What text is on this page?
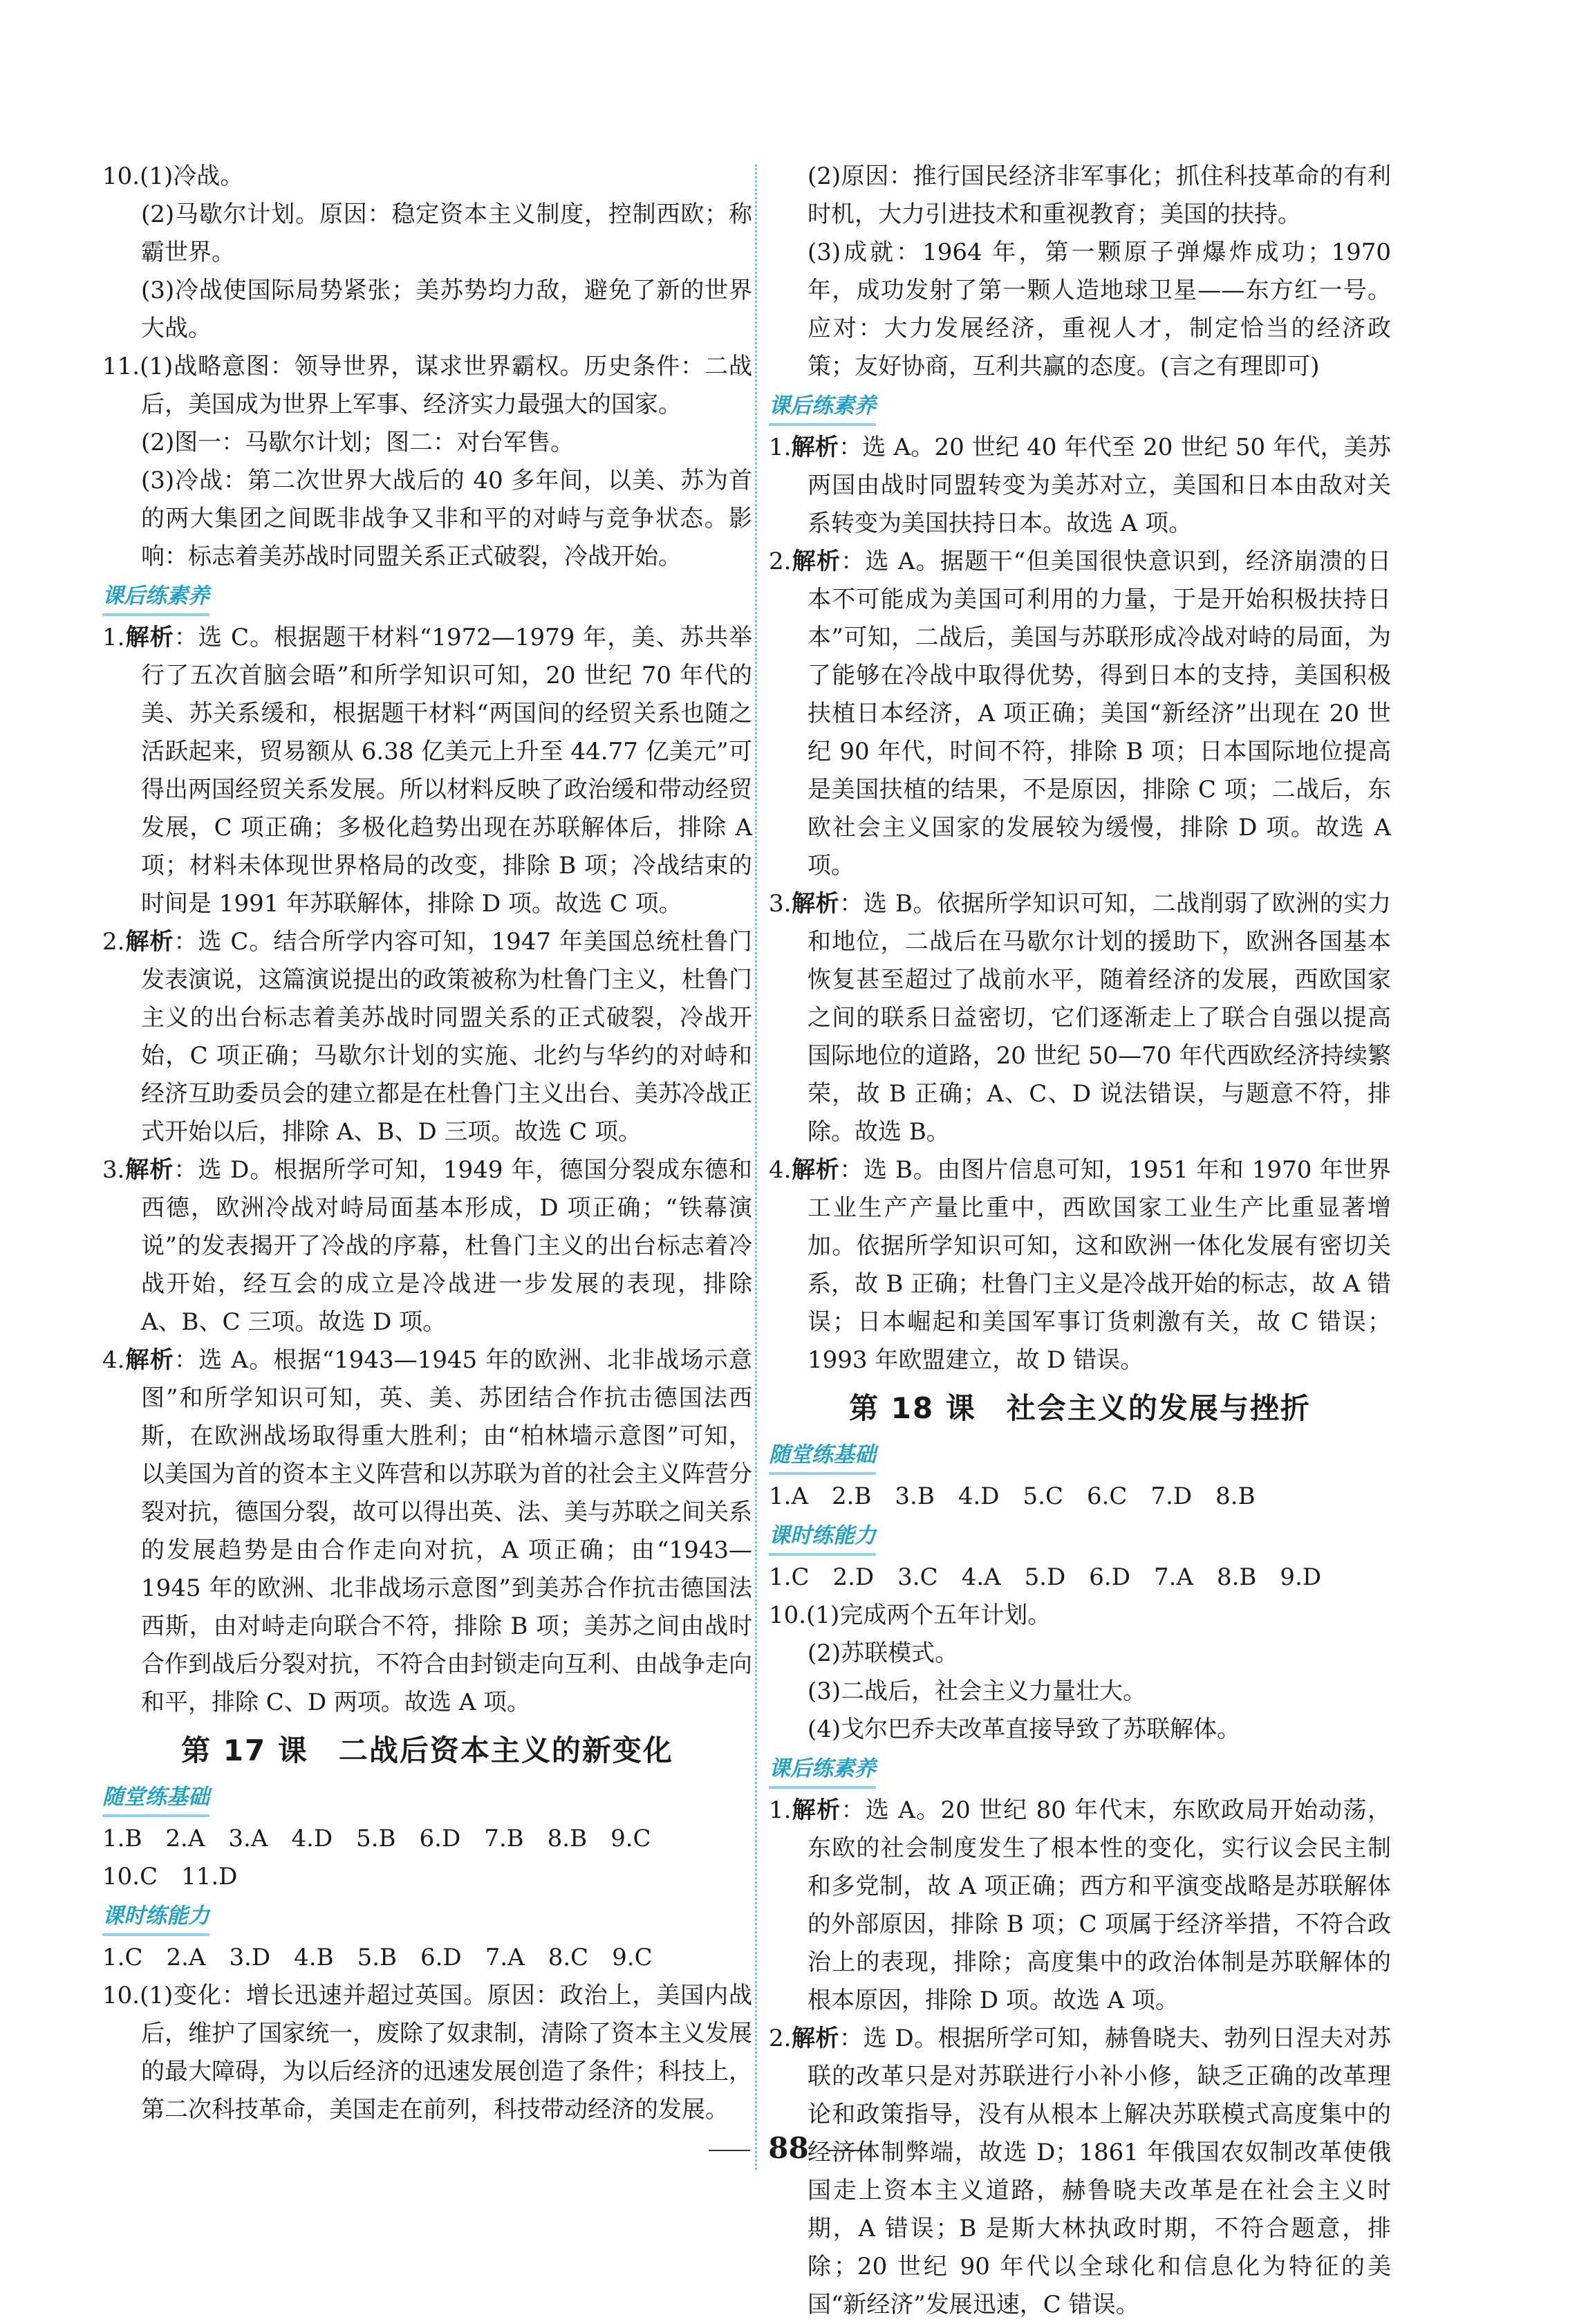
10.(1)冷战。

(2)马歇尔计划。原因：稳定资本主义制度，控制西欧；称霸世界。

(3)冷战使国际局势紧张；美苏势均力敌，避免了新的世界大战。

11.(1)战略意图：领导世界，谋求世界霸权。历史条件：二战后，美国成为世界上军事、经济实力最强大的国家。

(2)图一：马歇尔计划；图二：对台军售。

(3)冷战：第二次世界大战后的 40 多年间，以美、苏为首的两大集团之间既非战争又非和平的对峙与竞争状态。影响：标志着美苏战时同盟关系正式破裂，冷战开始。

课后练素养

1.解析：选 C。根据题干材料“1972—1979 年，美、苏共举行了五次首脑会晤”和所学知识可知，20 世纪 70 年代的美、苏关系缓和，根据题干材料“两国间的经贸关系也随之活跃起来，贸易额从 6.38 亿美元上升至 44.77 亿美元”可得出两国经贸关系发展。所以材料反映了政治缓和带动经贸发展，C 项正确；多极化趋势出现在苏联解体后，排除 A 项；材料未体现世界格局的改变，排除 B 项；冷战结束的时间是 1991 年苏联解体，排除 D 项。故选 C 项。

2.解析：选 C。结合所学内容可知，1947 年美国总统杜鲁门发表演说，这篇演说提出的政策被称为杜鲁门主义，杜鲁门主义的出台标志着美苏战时同盟关系的正式破裂，冷战开始，C 项正确；马歇尔计划的实施、北约与华约的对峙和经济互助委员会的建立都是在杜鲁门主义出台、美苏冷战正式开始以后，排除 A、B、D 三项。故选 C 项。

3.解析：选 D。根据所学可知，1949 年，德国分裂成东德和西德，欧洲冷战对峙局面基本形成，D 项正确；“铁幕演说”的发表揭开了冷战的序幕，杜鲁门主义的出台标志着冷战开始，经互会的成立是冷战进一步发展的表现，排除 A、B、C 三项。故选 D 项。

4.解析：选 A。根据“1943—1945 年的欧洲、北非战场示意图”和所学知识可知，英、美、苏团结合作抗击德国法西斯，在欧洲战场取得重大胜利；由“柏林墙示意图”可知，以美国为首的资本主义阵营和以苏联为首的社会主义阵营分裂对抗，德国分裂，故可以得出英、法、美与苏联之间关系的发展趋势是由合作走向对抗，A 项正确；由“1943—1945 年的欧洲、北非战场示意图”到美苏合作抗击德国法西斯，由对峙走向联合不符，排除 B 项；美苏之间由战时合作到战后分裂对抗，不符合由封锁走向互利、由战争走向和平，排除 C、D 两项。故选 A 项。

第 17 课　二战后资本主义的新变化
随堂练基础

1.B　2.A　3.A　4.D　5.B　6.D　7.B　8.B　9.C

10.C　11.D

课时练能力

1.C　2.A　3.D　4.B　5.B　6.D　7.A　8.C　9.C

10.(1)变化：增长迅速并超过英国。原因：政治上，美国内战后，维护了国家统一，废除了奴隶制，清除了资本主义发展的最大障碍，为以后经济的迅速发展创造了条件；科技上，第二次科技革命，美国走在前列，科技带动经济的发展。

(2)原因：推行国民经济非军事化；抓住科技革命的有利时机，大力引进技术和重视教育；美国的扶持。

(3)成就：1964 年，第一颗原子弹爆炸成功；1970 年，成功发射了第一颗人造地球卫星——东方红一号。应对：大力发展经济，重视人才，制定恰当的经济政策；友好协商，互利共赢的态度。(言之有理即可)

课后练素养

1.解析：选 A。20 世纪 40 年代至 20 世纪 50 年代，美苏两国由战时同盟转变为美苏对立，美国和日本由敌对关系转变为美国扶持日本。故选 A 项。

2.解析：选 A。据题干“但美国很快意识到，经济崩溃的日本不可能成为美国可利用的力量，于是开始积极扶持日本”可知，二战后，美国与苏联形成冷战对峙的局面，为了能够在冷战中取得优势，得到日本的支持，美国积极扶植日本经济，A 项正确；美国“新经济”出现在 20 世纪 90 年代，时间不符，排除 B 项；日本国际地位提高是美国扶植的结果，不是原因，排除 C 项；二战后，东欧社会主义国家的发展较为缓慢，排除 D 项。故选 A 项。

3.解析：选 B。依据所学知识可知，二战削弱了欧洲的实力和地位，二战后在马歇尔计划的援助下，欧洲各国基本恢复甚至超过了战前水平，随着经济的发展，西欧国家之间的联系日益密切，它们逐渐走上了联合自强以提高国际地位的道路，20 世纪 50—70 年代西欧经济持续繁荣，故 B 正确；A、C、D 说法错误，与题意不符，排除。故选 B。

4.解析：选 B。由图片信息可知，1951 年和 1970 年世界工业生产产量比重中，西欧国家工业生产比重显著增加。依据所学知识可知，这和欧洲一体化发展有密切关系，故 B 正确；杜鲁门主义是冷战开始的标志，故 A 错误；日本崛起和美国军事订货刺激有关，故 C 错误；1993 年欧盟建立，故 D 错误。

第 18 课　社会主义的发展与挫折
随堂练基础

1.A　2.B　3.B　4.D　5.C　6.C　7.D　8.B

课时练能力

1.C　2.D　3.C　4.A　5.D　6.D　7.A　8.B　9.D

10.(1)完成两个五年计划。

(2)苏联模式。

(3)二战后，社会主义力量壮大。

(4)戈尔巴乔夫改革直接导致了苏联解体。

课后练素养

1.解析：选 A。20 世纪 80 年代末，东欧政局开始动荡，东欧的社会制度发生了根本性的变化，实行议会民主制和多党制，故 A 项正确；西方和平演变战略是苏联解体的外部原因，排除 B 项；C 项属于经济举措，不符合政治上的表现，排除；高度集中的政治体制是苏联解体的根本原因，排除 D 项。故选 A 项。

2.解析：选 D。根据所学可知，赫鲁晓夫、勃列日涅夫对苏联的改革只是对苏联进行小补小修，缺乏正确的改革理论和政策指导，没有从根本上解决苏联模式高度集中的经济体制弊端，故选 D；1861 年俄国农奴制改革使俄国走上资本主义道路，赫鲁晓夫改革是在社会主义时期，A 错误；B 是斯大林执政时期，不符合题意，排除；20 世纪 90 年代以全球化和信息化为特征的美国“新经济”发展迅速，C 错误。

88
